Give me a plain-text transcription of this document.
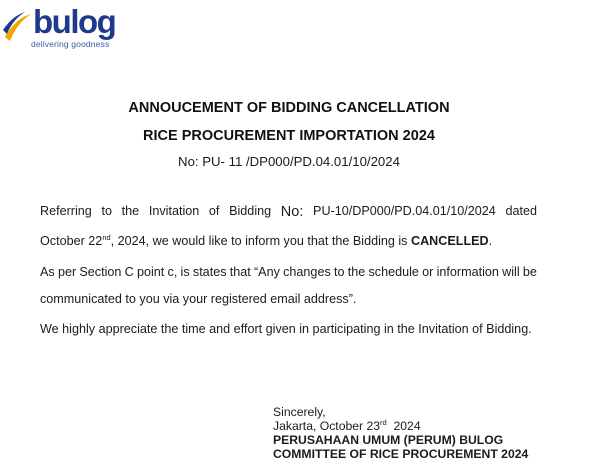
bulog
delivering goodness
ANNOUCEMENT OF BIDDING CANCELLATION
RICE PROCUREMENT IMPORTATION 2024
No: PU- 11 /DP000/PD.04.01/10/2024
Referring to the Invitation of Bidding No: PU-10/DP000/PD.04.01/10/2024 dated
October 22nd, 2024, we would like to inform you that the Bidding is CANCELLED.
As per Section C point c, is states that “Any changes to the schedule or information will be
communicated to you via your registered email address”.
We highly appreciate the time and effort given in participating in the Invitation of Bidding.
Sincerely,
Jakarta, October 23rd  2024
PERUSAHAAN UMUM (PERUM) BULOG
COMMITTEE OF RICE PROCUREMENT 2024
